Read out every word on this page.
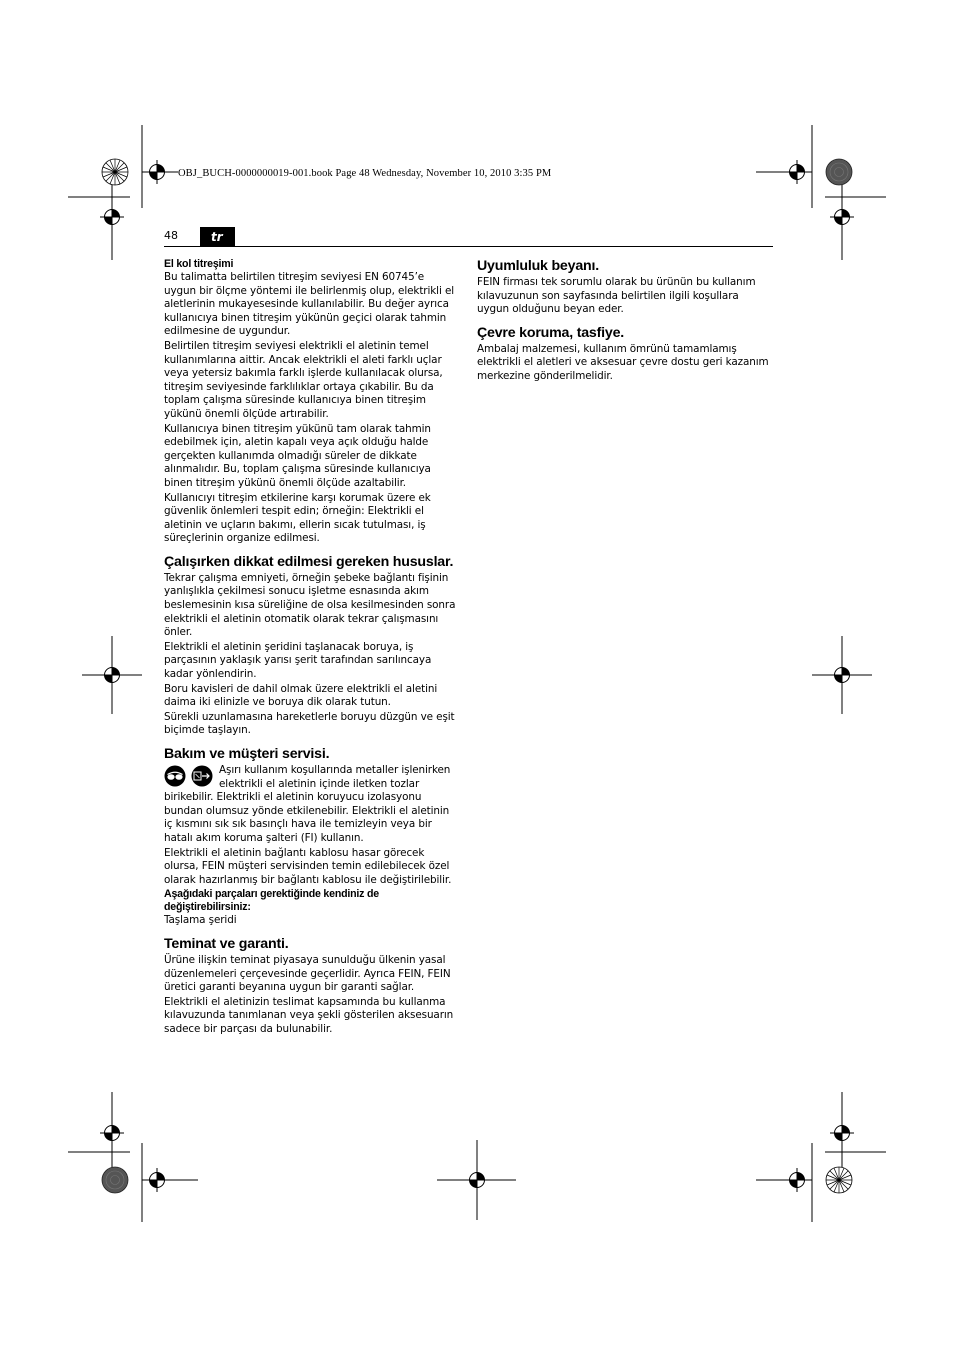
OBJ_BUCH-0000000019-001.book Page 48 Wednesday, November 10, 2010 3:35 PM
48	tr
El kol titreşimi

Bu talimatta belirtilen titreşim seviyesi EN 60745’e uygun bir ölçme yöntemi ile belirlenmiş olup, elektrikli el aletlerinin mukayesesinde kullanılabilir. Bu değer ayrıca kullanıcıya binen titreşim yükünün geçici olarak tahmin edilmesine de uygundur.

Belirtilen titreşim seviyesi elektrikli el aletinin temel kullanımlarına aittir. Ancak elektrikli el aleti farklı uçlar veya yetersiz bakımla farklı işlerde kullanılacak olursa, titreşim seviyesinde farklılıklar ortaya çıkabilir. Bu da toplam çalışma süresinde kullanıcıya binen titreşim yükünü önemli ölçüde artırabilir.

Kullanıcıya binen titreşim yükünü tam olarak tahmin edebilmek için, aletin kapalı veya açık olduğu halde gerçekten kullanımda olmadığı süreler de dikkate alınmalıdır. Bu, toplam çalışma süresinde kullanıcıya binen titreşim yükünü önemli ölçüde azaltabilir.

Kullanıcıyı titreşim etkilerine karşı korumak üzere ek güvenlik önlemleri tespit edin; örneğin: Elektrikli el aletinin ve uçların bakımı, ellerin sıcak tutulması, iş süreçlerinin organize edilmesi.

Çalışırken dikkat edilmesi gereken hususlar.

Tekrar çalışma emniyeti, örneğin şebeke bağlantı fişinin yanlışlıkla çekilmesi sonucu işletme esnasında akım beslemesinin kısa süreliğine de olsa kesilmesinden sonra elektrikli el aletinin otomatik olarak tekrar çalışmasını önler.

Elektrikli el aletinin şeridini taşlanacak boruya, iş parçasının yaklaşık yarısı şerit tarafından sarılıncaya kadar yönlendirin.

Boru kavisleri de dahil olmak üzere elektrikli el aletini daima iki elinizle ve boruya dik olarak tutun.

Sürekli uzunlamasına hareketlerle boruyu düzgün ve eşit biçimde taşlayın.

Bakım ve müşteri servisi.

Aşırı kullanım koşullarında metaller işlenirken elektrikli el aletinin içinde iletken tozlar birikebilir. Elektrikli el aletinin koruyucu izolasyonu bundan olumsuz yönde etkilenebilir. Elektrikli el aletinin iç kısmını sık sık basınçlı hava ile temizleyin veya bir hatalı akım koruma şalteri (FI) kullanın.

Elektrikli el aletinin bağlantı kablosu hasar görecek olursa, FEIN müşteri servisinden temin edilebilecek özel olarak hazırlanmış bir bağlantı kablosu ile değiştirilebilir.

Aşağıdaki parçaları gerektiğinde kendiniz de değiştirebilirsiniz:

Taşlama şeridi

Teminat ve garanti.

Ürüne ilişkin teminat piyasaya sunulduğu ülkenin yasal düzenlemeleri çerçevesinde geçerlidir. Ayrıca FEIN, FEIN üretici garanti beyanına uygun bir garanti sağlar.

Elektrikli el aletinizin teslimat kapsamında bu kullanma kılavuzunda tanımlanan veya şekli gösterilen aksesuarın sadece bir parçası da bulunabilir.

Uyumluluk beyanı.

FEIN firması tek sorumlu olarak bu ürünün bu kullanım kılavuzunun son sayfasında belirtilen ilgili koşullara uygun olduğunu beyan eder.

Çevre koruma, tasfiye.

Ambalaj malzemesi, kullanım ömrünü tamamlamış elektrikli el aletleri ve aksesuar çevre dostu geri kazanım merkezine gönderilmelidir.
